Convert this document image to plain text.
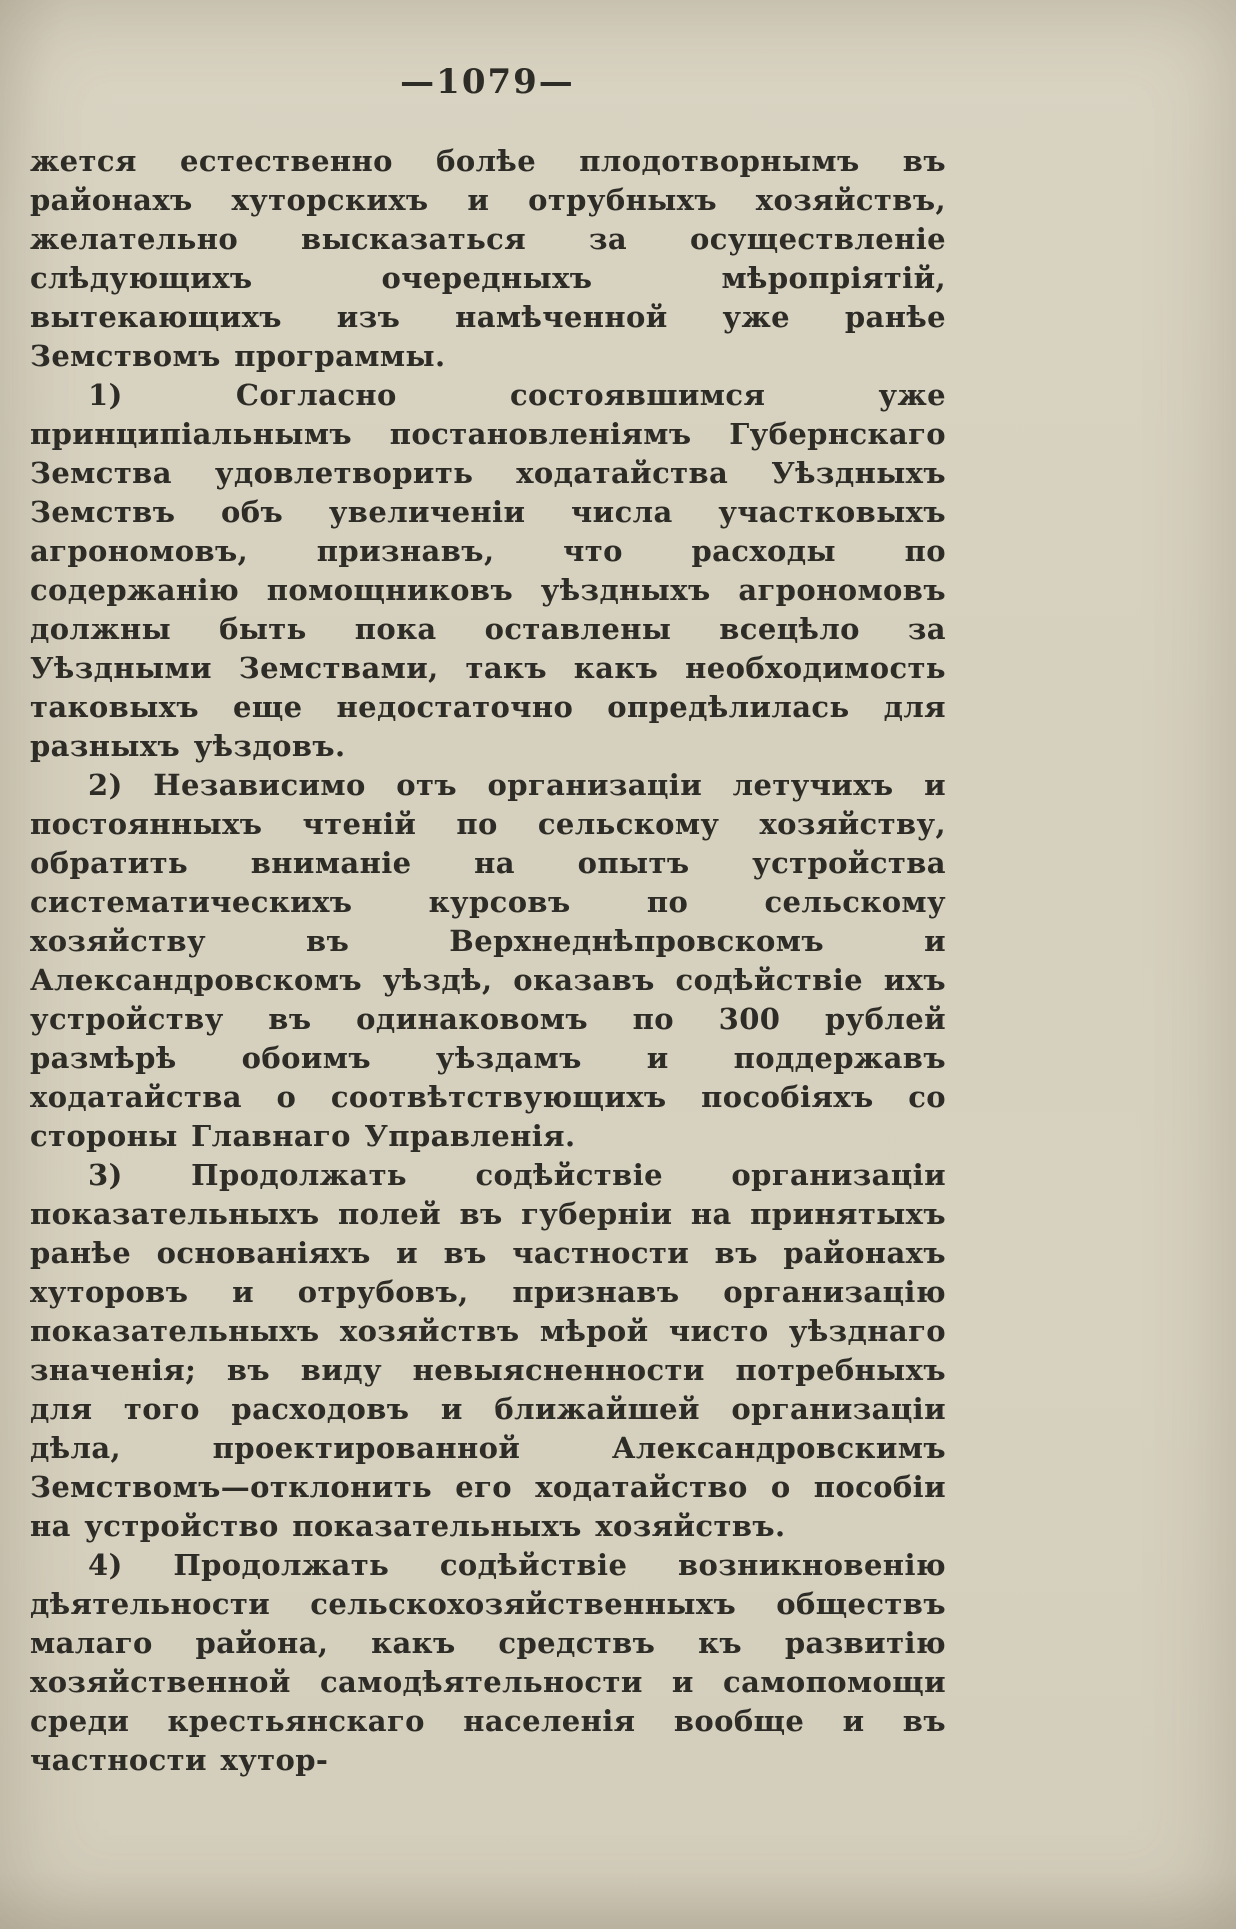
—1079—

жется естественно болѣе плодотворнымъ въ районахъ хуторскихъ и отрубныхъ хозяйствъ, желательно высказаться за осуществленіе слѣдующихъ очередныхъ мѣропріятій, вытекающихъ изъ намѣченной уже ранѣе Земствомъ программы.

1) Согласно состоявшимся уже принципіальнымъ постановленіямъ Губернскаго Земства удовлетворить ходатайства Уѣздныхъ Земствъ объ увеличеніи числа участковыхъ агрономовъ, признавъ, что расходы по содержанію помощниковъ уѣздныхъ агрономовъ должны быть пока оставлены всецѣло за Уѣздными Земствами, такъ какъ необходимость таковыхъ еще недостаточно опредѣлилась для разныхъ уѣздовъ.

2) Независимо отъ организаціи летучихъ и постоянныхъ чтеній по сельскому хозяйству, обратить вниманіе на опытъ устройства систематическихъ курсовъ по сельскому хозяйству въ Верхнеднѣпровскомъ и Александровскомъ уѣздѣ, оказавъ содѣйствіе ихъ устройству въ одинаковомъ по 300 рублей размѣрѣ обоимъ уѣздамъ и поддержавъ ходатайства о соотвѣтствующихъ пособіяхъ со стороны Главнаго Управленія.

3) Продолжать содѣйствіе организаціи показательныхъ полей въ губерніи на принятыхъ ранѣе основаніяхъ и въ частности въ районахъ хуторовъ и отрубовъ, признавъ организацію показательныхъ хозяйствъ мѣрой чисто уѣзднаго значенія; въ виду невыясненности потребныхъ для того расходовъ и ближайшей организаціи дѣла, проектированной Александровскимъ Земствомъ—отклонить его ходатайство о пособіи на устройство показательныхъ хозяйствъ.

4) Продолжать содѣйствіе возникновенію дѣятельности сельскохозяйственныхъ обществъ малаго района, какъ средствъ къ развитію хозяйственной самодѣятельности и самопомощи среди крестьянскаго населенія вообще и въ частности хутор-
